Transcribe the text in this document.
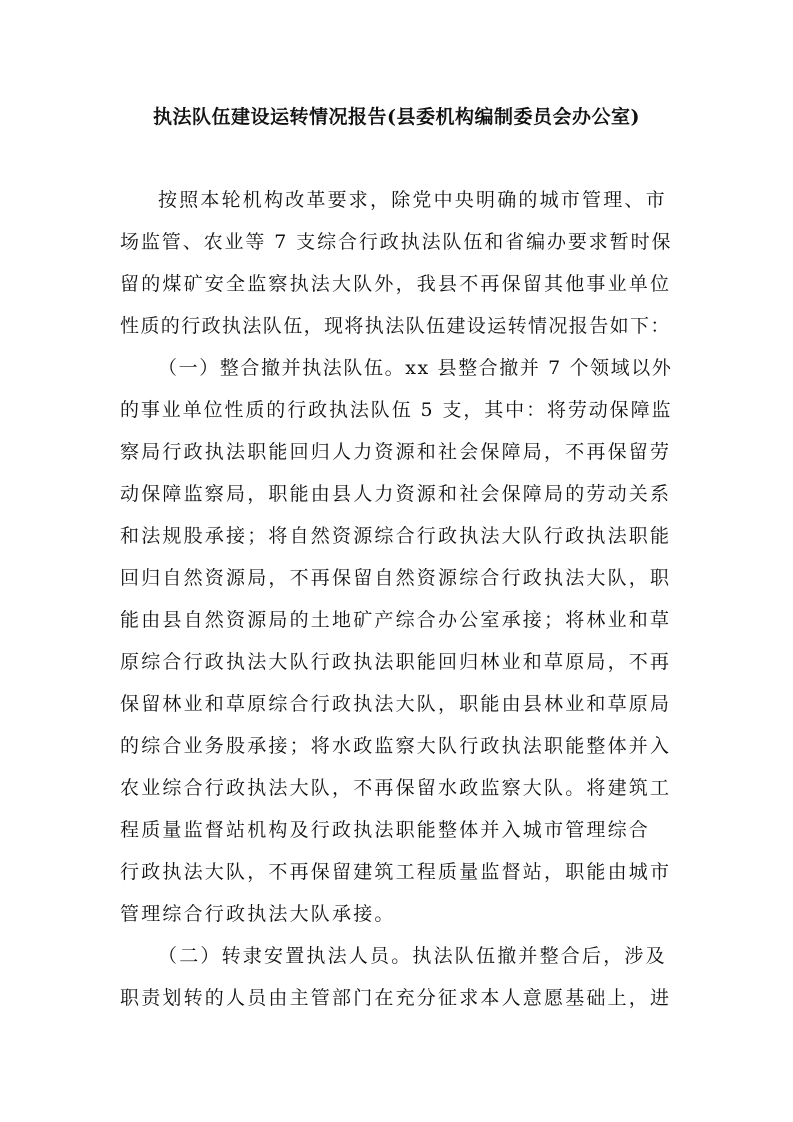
执法队伍建设运转情况报告(县委机构编制委员会办公室)
按照本轮机构改革要求，除党中央明确的城市管理、市
场监管、农业等 7 支综合行政执法队伍和省编办要求暂时保
留的煤矿安全监察执法大队外，我县不再保留其他事业单位
性质的行政执法队伍，现将执法队伍建设运转情况报告如下：
（一）整合撤并执法队伍。xx 县整合撤并 7 个领域以外
的事业单位性质的行政执法队伍 5 支，其中：将劳动保障监
察局行政执法职能回归人力资源和社会保障局，不再保留劳
动保障监察局，职能由县人力资源和社会保障局的劳动关系
和法规股承接；将自然资源综合行政执法大队行政执法职能
回归自然资源局，不再保留自然资源综合行政执法大队，职
能由县自然资源局的土地矿产综合办公室承接；将林业和草
原综合行政执法大队行政执法职能回归林业和草原局，不再
保留林业和草原综合行政执法大队，职能由县林业和草原局
的综合业务股承接；将水政监察大队行政执法职能整体并入
农业综合行政执法大队，不再保留水政监察大队。将建筑工
程质量监督站机构及行政执法职能整体并入城市管理综合
行政执法大队，不再保留建筑工程质量监督站，职能由城市
管理综合行政执法大队承接。
（二）转隶安置执法人员。执法队伍撤并整合后，涉及
职责划转的人员由主管部门在充分征求本人意愿基础上，进
